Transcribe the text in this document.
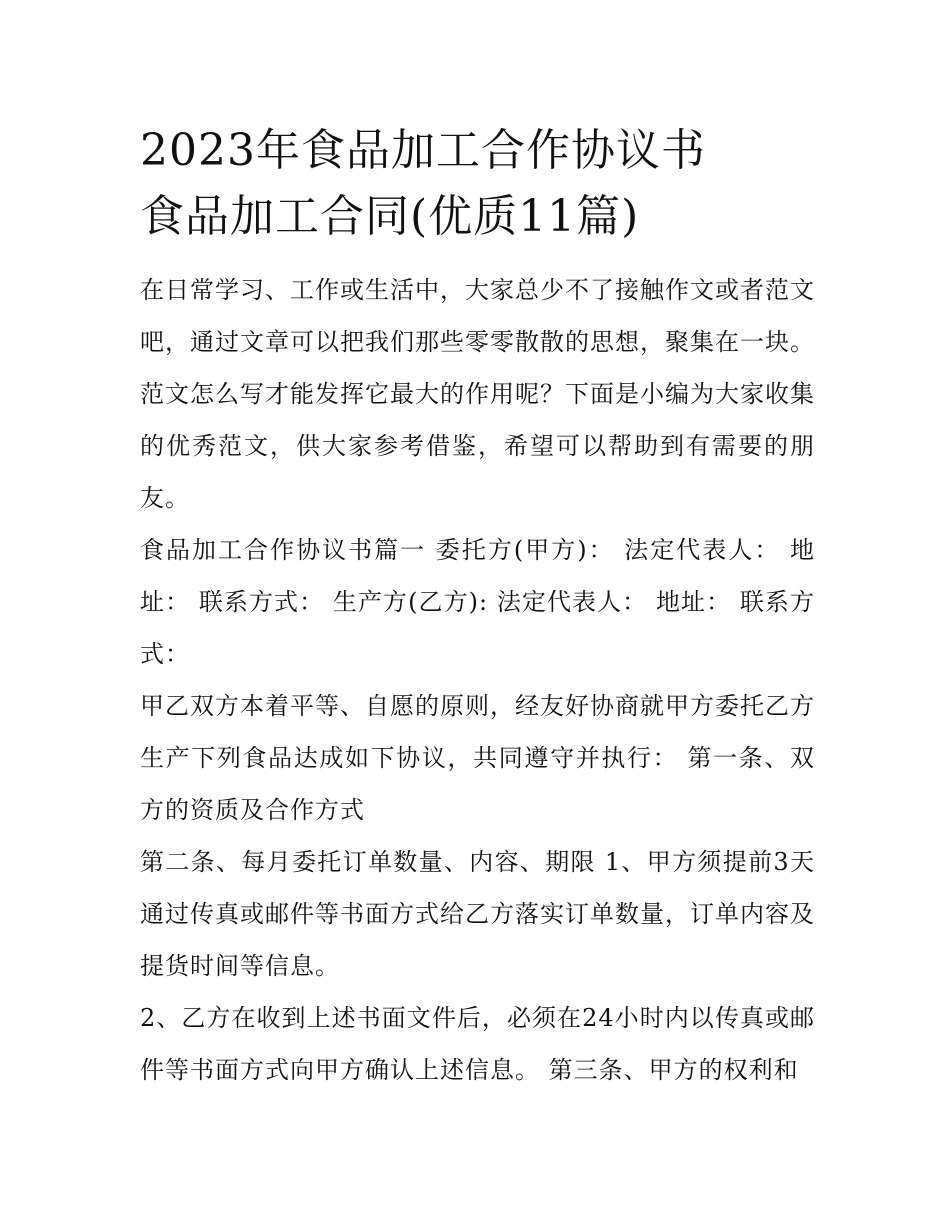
2023年食品加工合作协议书
食品加工合同(优质11篇)

在日常学习、工作或生活中，大家总少不了接触作文或者范文吧，通过文章可以把我们那些零零散散的思想，聚集在一块。范文怎么写才能发挥它最大的作用呢？下面是小编为大家收集的优秀范文，供大家参考借鉴，希望可以帮助到有需要的朋友。

食品加工合作协议书篇一 委托方(甲方)： 法定代表人： 地址： 联系方式： 生产方(乙方): 法定代表人： 地址： 联系方式：

甲乙双方本着平等、自愿的原则，经友好协商就甲方委托乙方生产下列食品达成如下协议，共同遵守并执行： 第一条、双方的资质及合作方式

第二条、每月委托订单数量、内容、期限 1、甲方须提前3天通过传真或邮件等书面方式给乙方落实订单数量，订单内容及提货时间等信息。

2、乙方在收到上述书面文件后，必须在24小时内以传真或邮件等书面方式向甲方确认上述信息。 第三条、甲方的权利和
